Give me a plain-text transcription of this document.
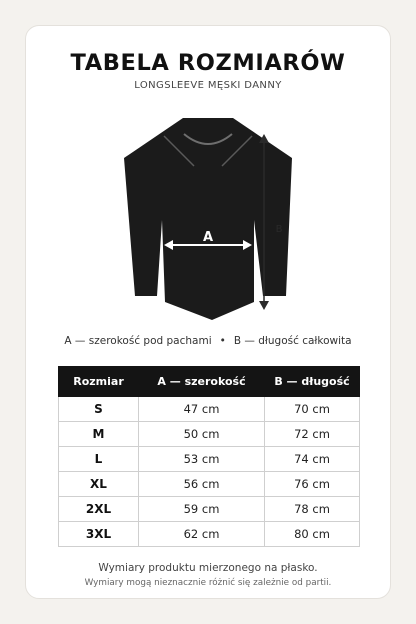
TABELA ROZMIARÓW
LONGSLEEVE MĘSKI DANNY
A
B
A — szerokość pod pachami • B — długość całkowita
Rozmiar	A — szerokość	B — długość
S	47 cm	70 cm
M	50 cm	72 cm
L	53 cm	74 cm
XL	56 cm	76 cm
2XL	59 cm	78 cm
3XL	62 cm	80 cm
Wymiary produktu mierzonego na płasko.
Wymiary mogą nieznacznie różnić się zależnie od partii.
